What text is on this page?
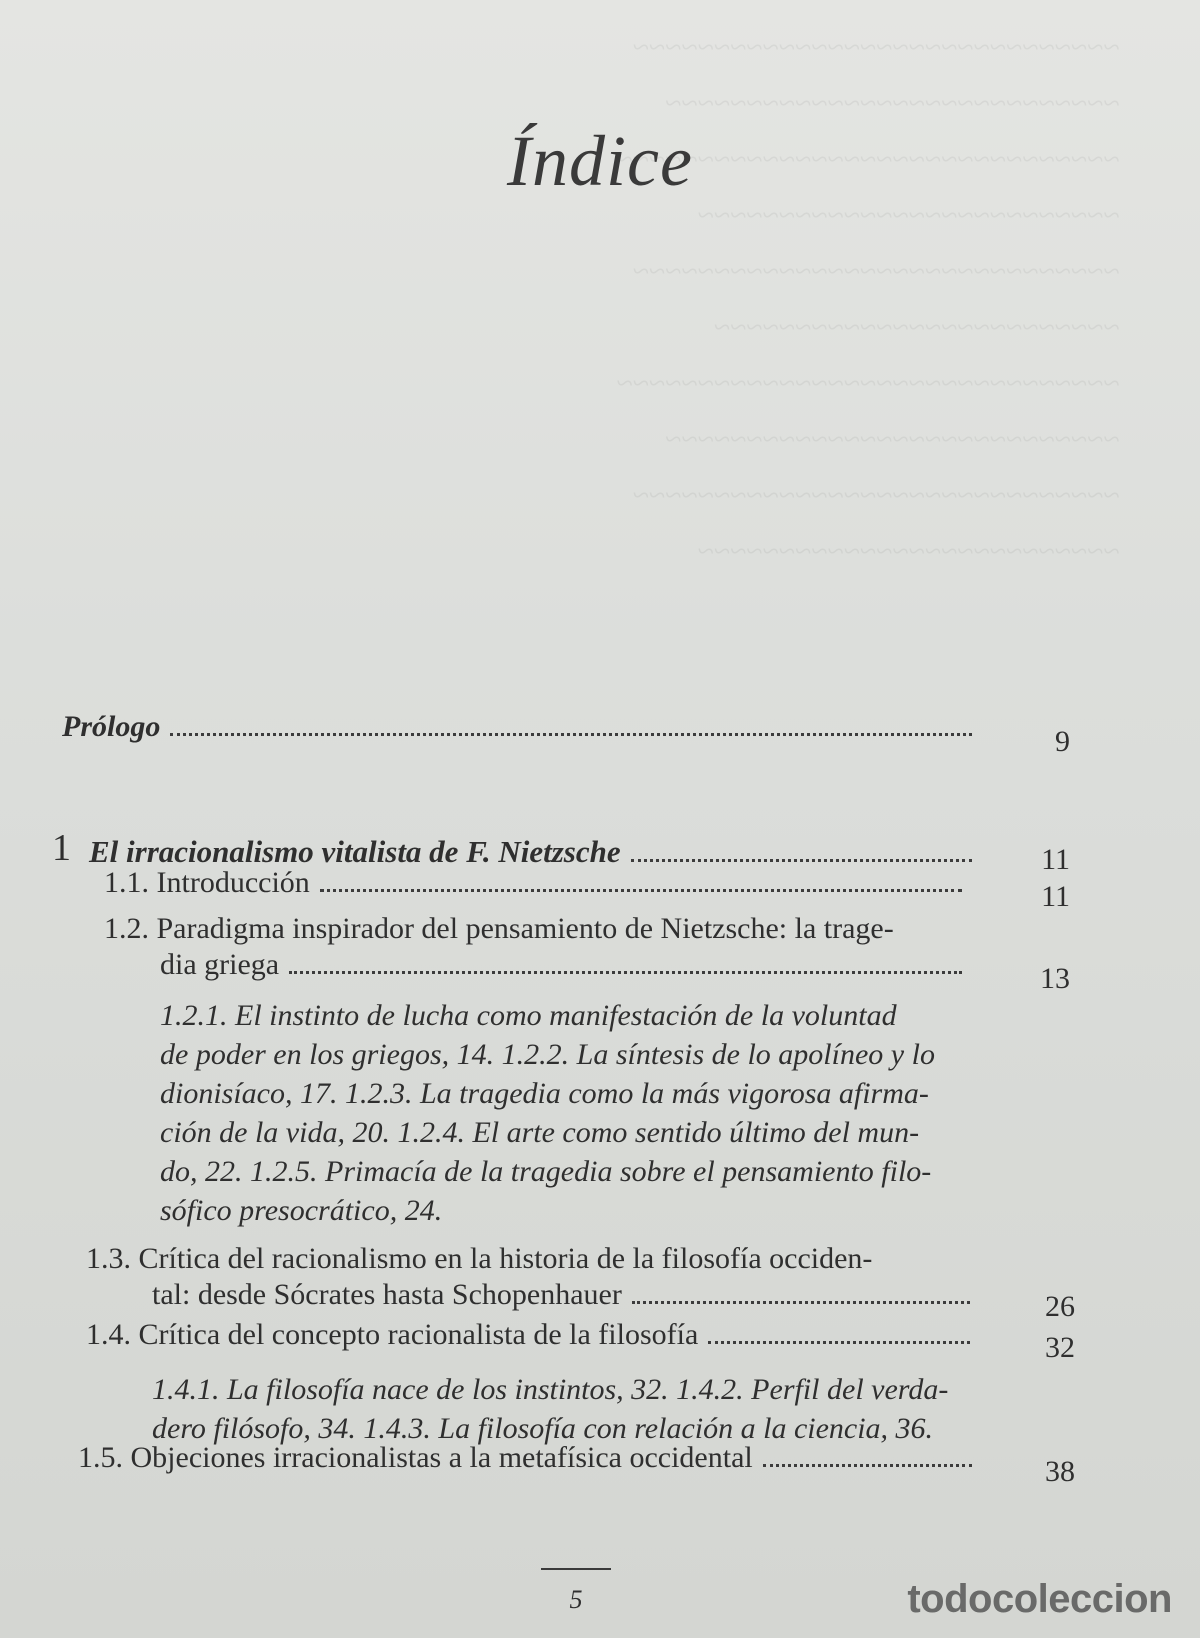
~~~~~~~~~~~~~~~~~~~~~~~~~~~~~~
~~~~~~~~~~~~~~~~~~~~~~~~~~~~
~~~~~~~~~~~~~~~~~~~~~~~~~~~~~~~
~~~~~~~~~~~~~~~~~~~~~~~~~~
~~~~~~~~~~~~~~~~~~~~~~~~~~~~~~
~~~~~~~~~~~~~~~~~~~~~~~~~
~~~~~~~~~~~~~~~~~~~~~~~~~~~~~~~
~~~~~~~~~~~~~~~~~~~~~~~~~~~~
~~~~~~~~~~~~~~~~~~~~~~~~~~~~~~
~~~~~~~~~~~~~~~~~~~~~~~~~~
Índice
Prólogo	9
1 El irracionalismo vitalista de F. Nietzsche	11
1.1. Introducción	11
1.2. Paradigma inspirador del pensamiento de Nietzsche: la trage-
dia griega	13
1.2.1. El instinto de lucha como manifestación de la voluntad
de poder en los griegos, 14. 1.2.2. La síntesis de lo apolíneo y lo
dionisíaco, 17. 1.2.3. La tragedia como la más vigorosa afirma-
ción de la vida, 20. 1.2.4. El arte como sentido último del mun-
do, 22. 1.2.5. Primacía de la tragedia sobre el pensamiento filo-
sófico presocrático, 24.
1.3. Crítica del racionalismo en la historia de la filosofía occiden-
tal: desde Sócrates hasta Schopenhauer	26
1.4. Crítica del concepto racionalista de la filosofía	32
1.4.1. La filosofía nace de los instintos, 32. 1.4.2. Perfil del verda-
dero filósofo, 34. 1.4.3. La filosofía con relación a la ciencia, 36.
1.5. Objeciones irracionalistas a la metafísica occidental	38
5	todocoleccion
